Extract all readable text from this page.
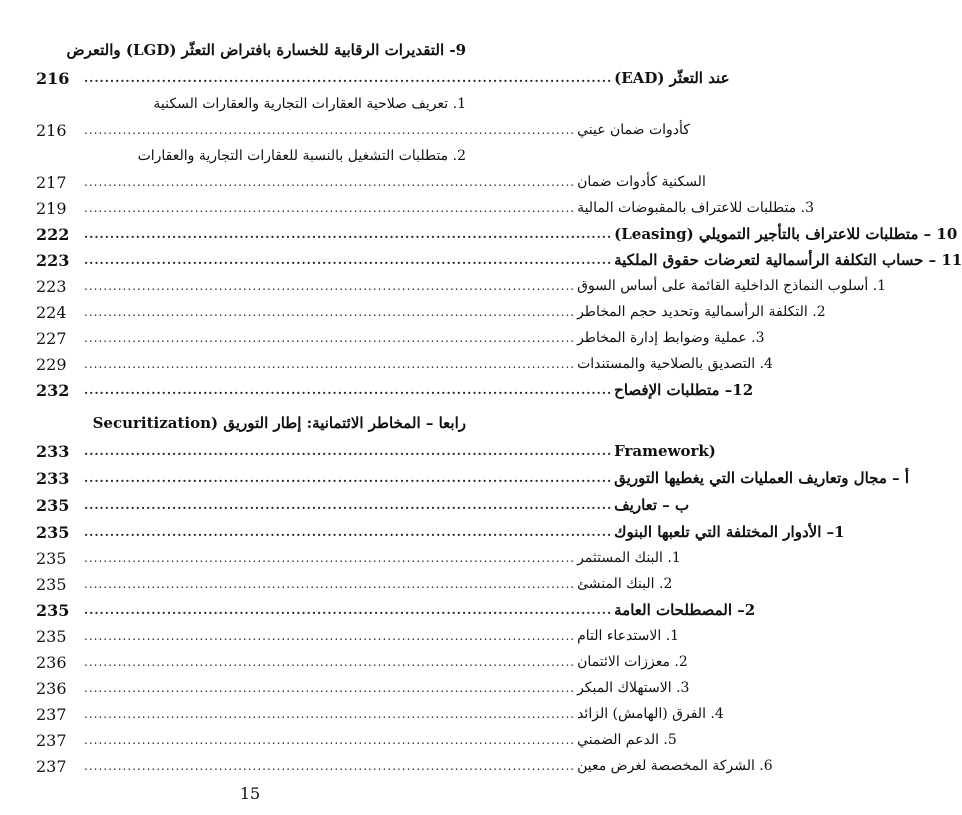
9- التقديرات الرقابية للخسارة بافتراض التعثّر (LGD) والتعرض
216	...................................................................................................... عند التعثّر (EAD)
1. تعريف صلاحية العقارات التجارية والعقارات السكنية
216	...................................................................................................... كأدوات ضمان عيني
2. متطلبات التشغيل بالنسبة للعقارات التجارية والعقارات
217	...................................................................................................... السكنية كأدوات ضمان
219	...................................................................................................... 3. متطلبات للاعتراف بالمقبوضات المالية
222	...................................................................................................... 10 – متطلبات للاعتراف بالتأجير التمويلي (Leasing)
223	...................................................................................................... 11 – حساب التكلفة الرأسمالية لتعرضات حقوق الملكية
223	...................................................................................................... 1. أسلوب النماذج الداخلية القائمة على أساس السوق
224	...................................................................................................... 2. التكلفة الرأسمالية وتحديد حجم المخاطر
227	...................................................................................................... 3. عملية وضوابط إدارة المخاطر
229	...................................................................................................... 4. التصديق بالصلاحية والمستندات
232	...................................................................................................... 12– متطلبات الإفصاح
رابعا – المخاطر الائتمانية: إطار التوريق (Securitization
233	...................................................................................................... (Framework
233	...................................................................................................... أ – مجال وتعاريف العمليات التي يغطيها التوريق
235	...................................................................................................... ب – تعاريف
235	...................................................................................................... 1– الأدوار المختلفة التي تلعبها البنوك
235	...................................................................................................... 1. البنك المستثمر
235	...................................................................................................... 2. البنك المنشئ
235	...................................................................................................... 2– المصطلحات العامة
235	...................................................................................................... 1. الاستدعاء التام
236	...................................................................................................... 2. معززات الائتمان
236	...................................................................................................... 3. الاستهلاك المبكر
237	...................................................................................................... 4. الفرق (الهامش) الزائد
237	...................................................................................................... 5. الدعم الضمني
237	...................................................................................................... 6. الشركة المخصصة لغرض معين
15
